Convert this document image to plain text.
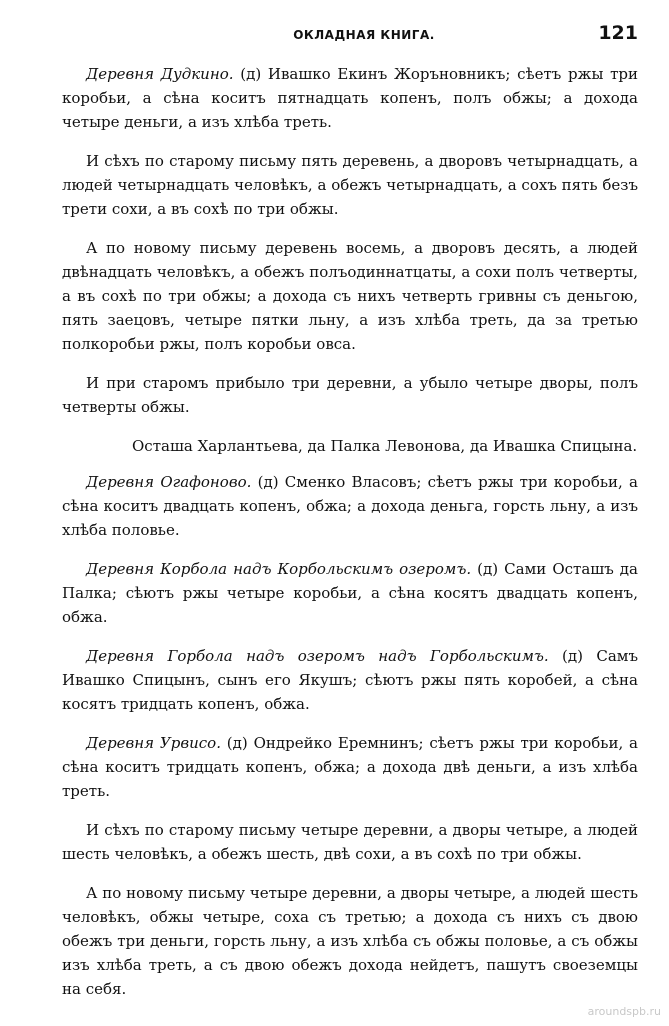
ОКЛАДНАЯ КНИГА.	121

Деревня Дудкино. (д) Ивашко Екинъ Жоръновникъ; сѣетъ ржы три коробьи, а сѣна коситъ пятнадцать копенъ, полъ обжы; а дохода четыре деньги, а изъ хлѣба треть.

И сѣхъ по старому письму пять деревень, а дворовъ четырнадцать, а людей четырнадцать человѣкъ, а обежъ четырнадцать, а сохъ пять безъ трети сохи, а въ сохѣ по три обжы.

А по новому письму деревень восемь, а дворовъ десять, а людей двѣнадцать человѣкъ, а обежъ полъодиннатцаты, а сохи полъ четверты, а въ сохѣ по три обжы; а дохода съ нихъ четверть гривны съ деньгою, пять заецовъ, четыре пятки льну, а изъ хлѣба треть, да за третью полкоробьи ржы, полъ коробьи овса.

И при старомъ прибыло три деревни, а убыло четыре дворы, полъ четверты обжы.

Осташа Харлантьева, да Палка Левонова, да Ивашка Спицына.

Деревня Огафоново. (д) Сменко Власовъ; сѣетъ ржы три коробьи, а сѣна коситъ двадцать копенъ, обжа; а дохода деньга, горсть льну, а изъ хлѣба половье.

Деревня Корбола надъ Корбольскимъ озеромъ. (д) Сами Осташъ да Палка; сѣютъ ржы четыре коробьи, а сѣна косятъ двадцать копенъ, обжа.

Деревня Горбола надъ озеромъ надъ Горбольскимъ. (д) Самъ Ивашко Спицынъ, сынъ его Якушъ; сѣютъ ржы пять коробей, а сѣна косятъ тридцать копенъ, обжа.

Деревня Урвисо. (д) Ондрейко Еремнинъ; сѣетъ ржы три коробьи, а сѣна коситъ тридцать копенъ, обжа; а дохода двѣ деньги, а изъ хлѣба треть.

И сѣхъ по старому письму четыре деревни, а дворы четыре, а людей шесть человѣкъ, а обежъ шесть, двѣ сохи, а въ сохѣ по три обжы.

А по новому письму четыре деревни, а дворы четыре, а людей шесть человѣкъ, обжы четыре, соха съ третью; а дохода съ нихъ съ двою обежъ три деньги, горсть льну, а изъ хлѣба съ обжы половье, а съ обжы изъ хлѣба треть, а съ двою обежъ дохода нейдетъ, пашутъ своеземцы на себя.

aroundspb.ru
